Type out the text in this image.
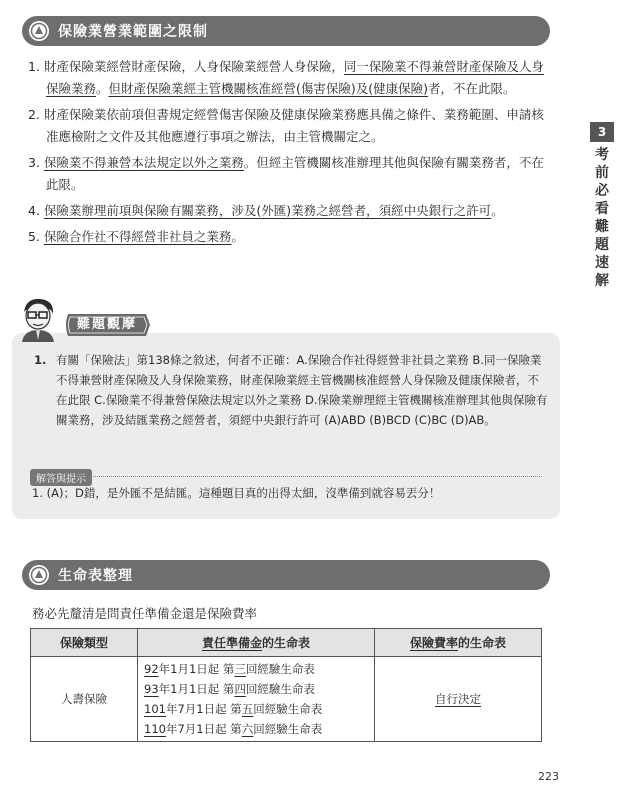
保險業營業範圍之限制
1. 財產保險業經營財產保險，人身保險業經營人身保險，同一保險業不得兼營財產保險及人身保險業務。但財產保險業經主管機關核准經營(傷害保險)及(健康保險)者，不在此限。
2. 財產保險業依前項但書規定經營傷害保險及健康保險業務應具備之條件、業務範圍、申請核准應檢附之文件及其他應遵行事項之辦法，由主管機關定之。
3. 保險業不得兼營本法規定以外之業務。但經主管機關核准辦理其他與保險有關業務者，不在此限。
4. 保險業辦理前項與保險有關業務，涉及(外匯)業務之經營者，須經中央銀行之許可。
5. 保險合作社不得經營非社員之業務。
3
考
前
必
看
難
題
速
解
難題觀摩
1. 有關「保險法」第138條之敘述，何者不正確：A.保險合作社得經營非社員之業務 B.同一保險業不得兼營財產保險及人身保險業務，財產保險業經主管機關核准經營人身保險及健康保險者，不在此限 C.保險業不得兼營保險法規定以外之業務 D.保險業辦理經主管機關核准辦理其他與保險有關業務，涉及結匯業務之經營者，須經中央銀行許可 (A)ABD (B)BCD (C)BC (D)AB。
解答與提示
1. (A)；D錯，是外匯不是結匯。這種題目真的出得太細，沒準備到就容易丟分！
生命表整理
務必先釐清是問責任準備金還是保險費率
保險類型	責任準備金的生命表	保險費率的生命表
人壽保險	92年1月1日起 第三回經驗生命表
93年1月1日起 第四回經驗生命表
101年7月1日起 第五回經驗生命表
110年7月1日起 第六回經驗生命表	自行決定
223
